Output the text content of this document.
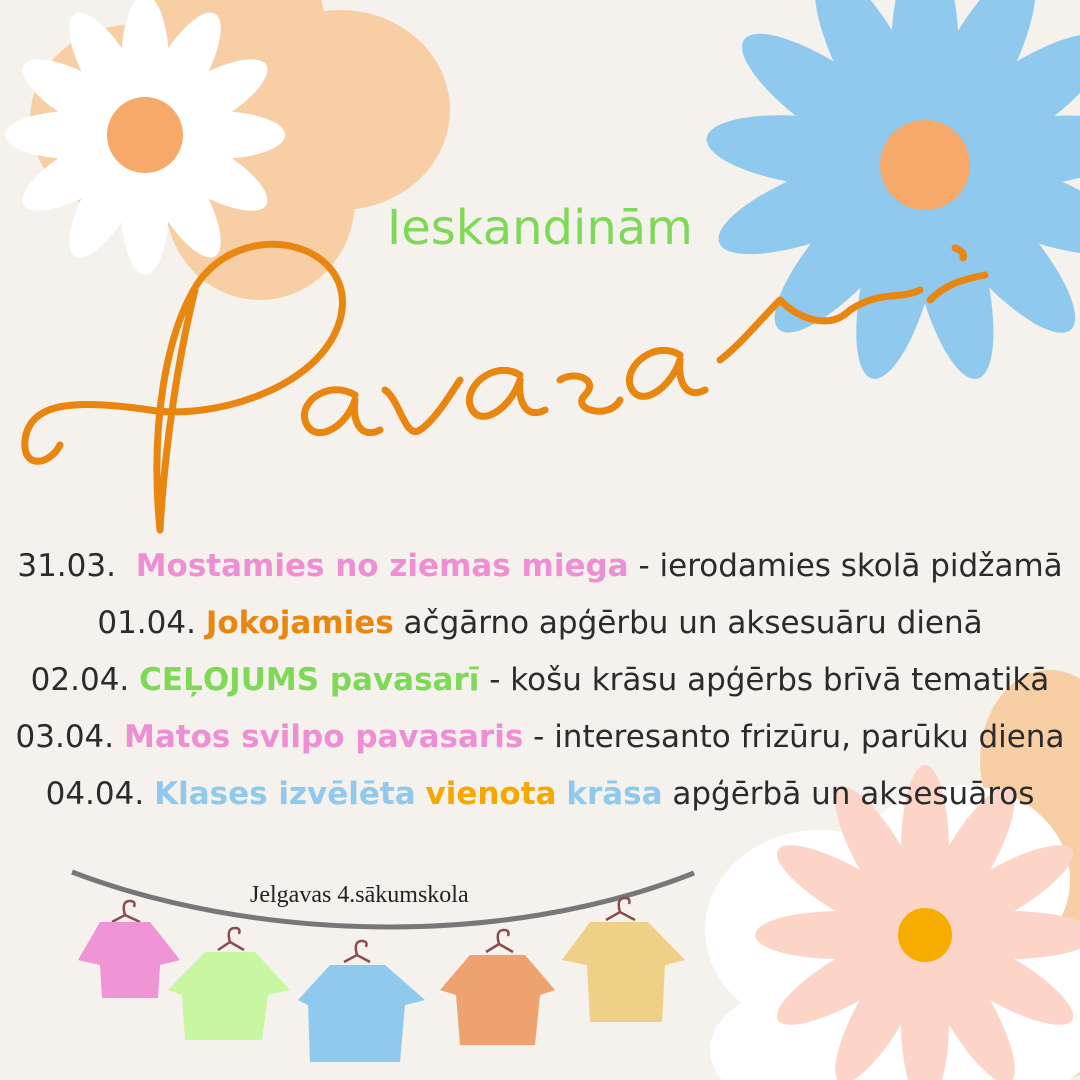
Ieskandinām
31.03. Mostamies no ziemas miega - ierodamies skolā pidžamā
01.04. Jokojamies ačgārno apģērbu un aksesuāru dienā
02.04. CEĻOJUMS pavasarī - košu krāsu apģērbs brīvā tematikā
03.04. Matos svilpo pavasaris - interesanto frizūru, parūku diena
04.04. Klases izvēlēta vienota krāsa apģērbā un aksesuāros
Jelgavas 4.sākumskola
